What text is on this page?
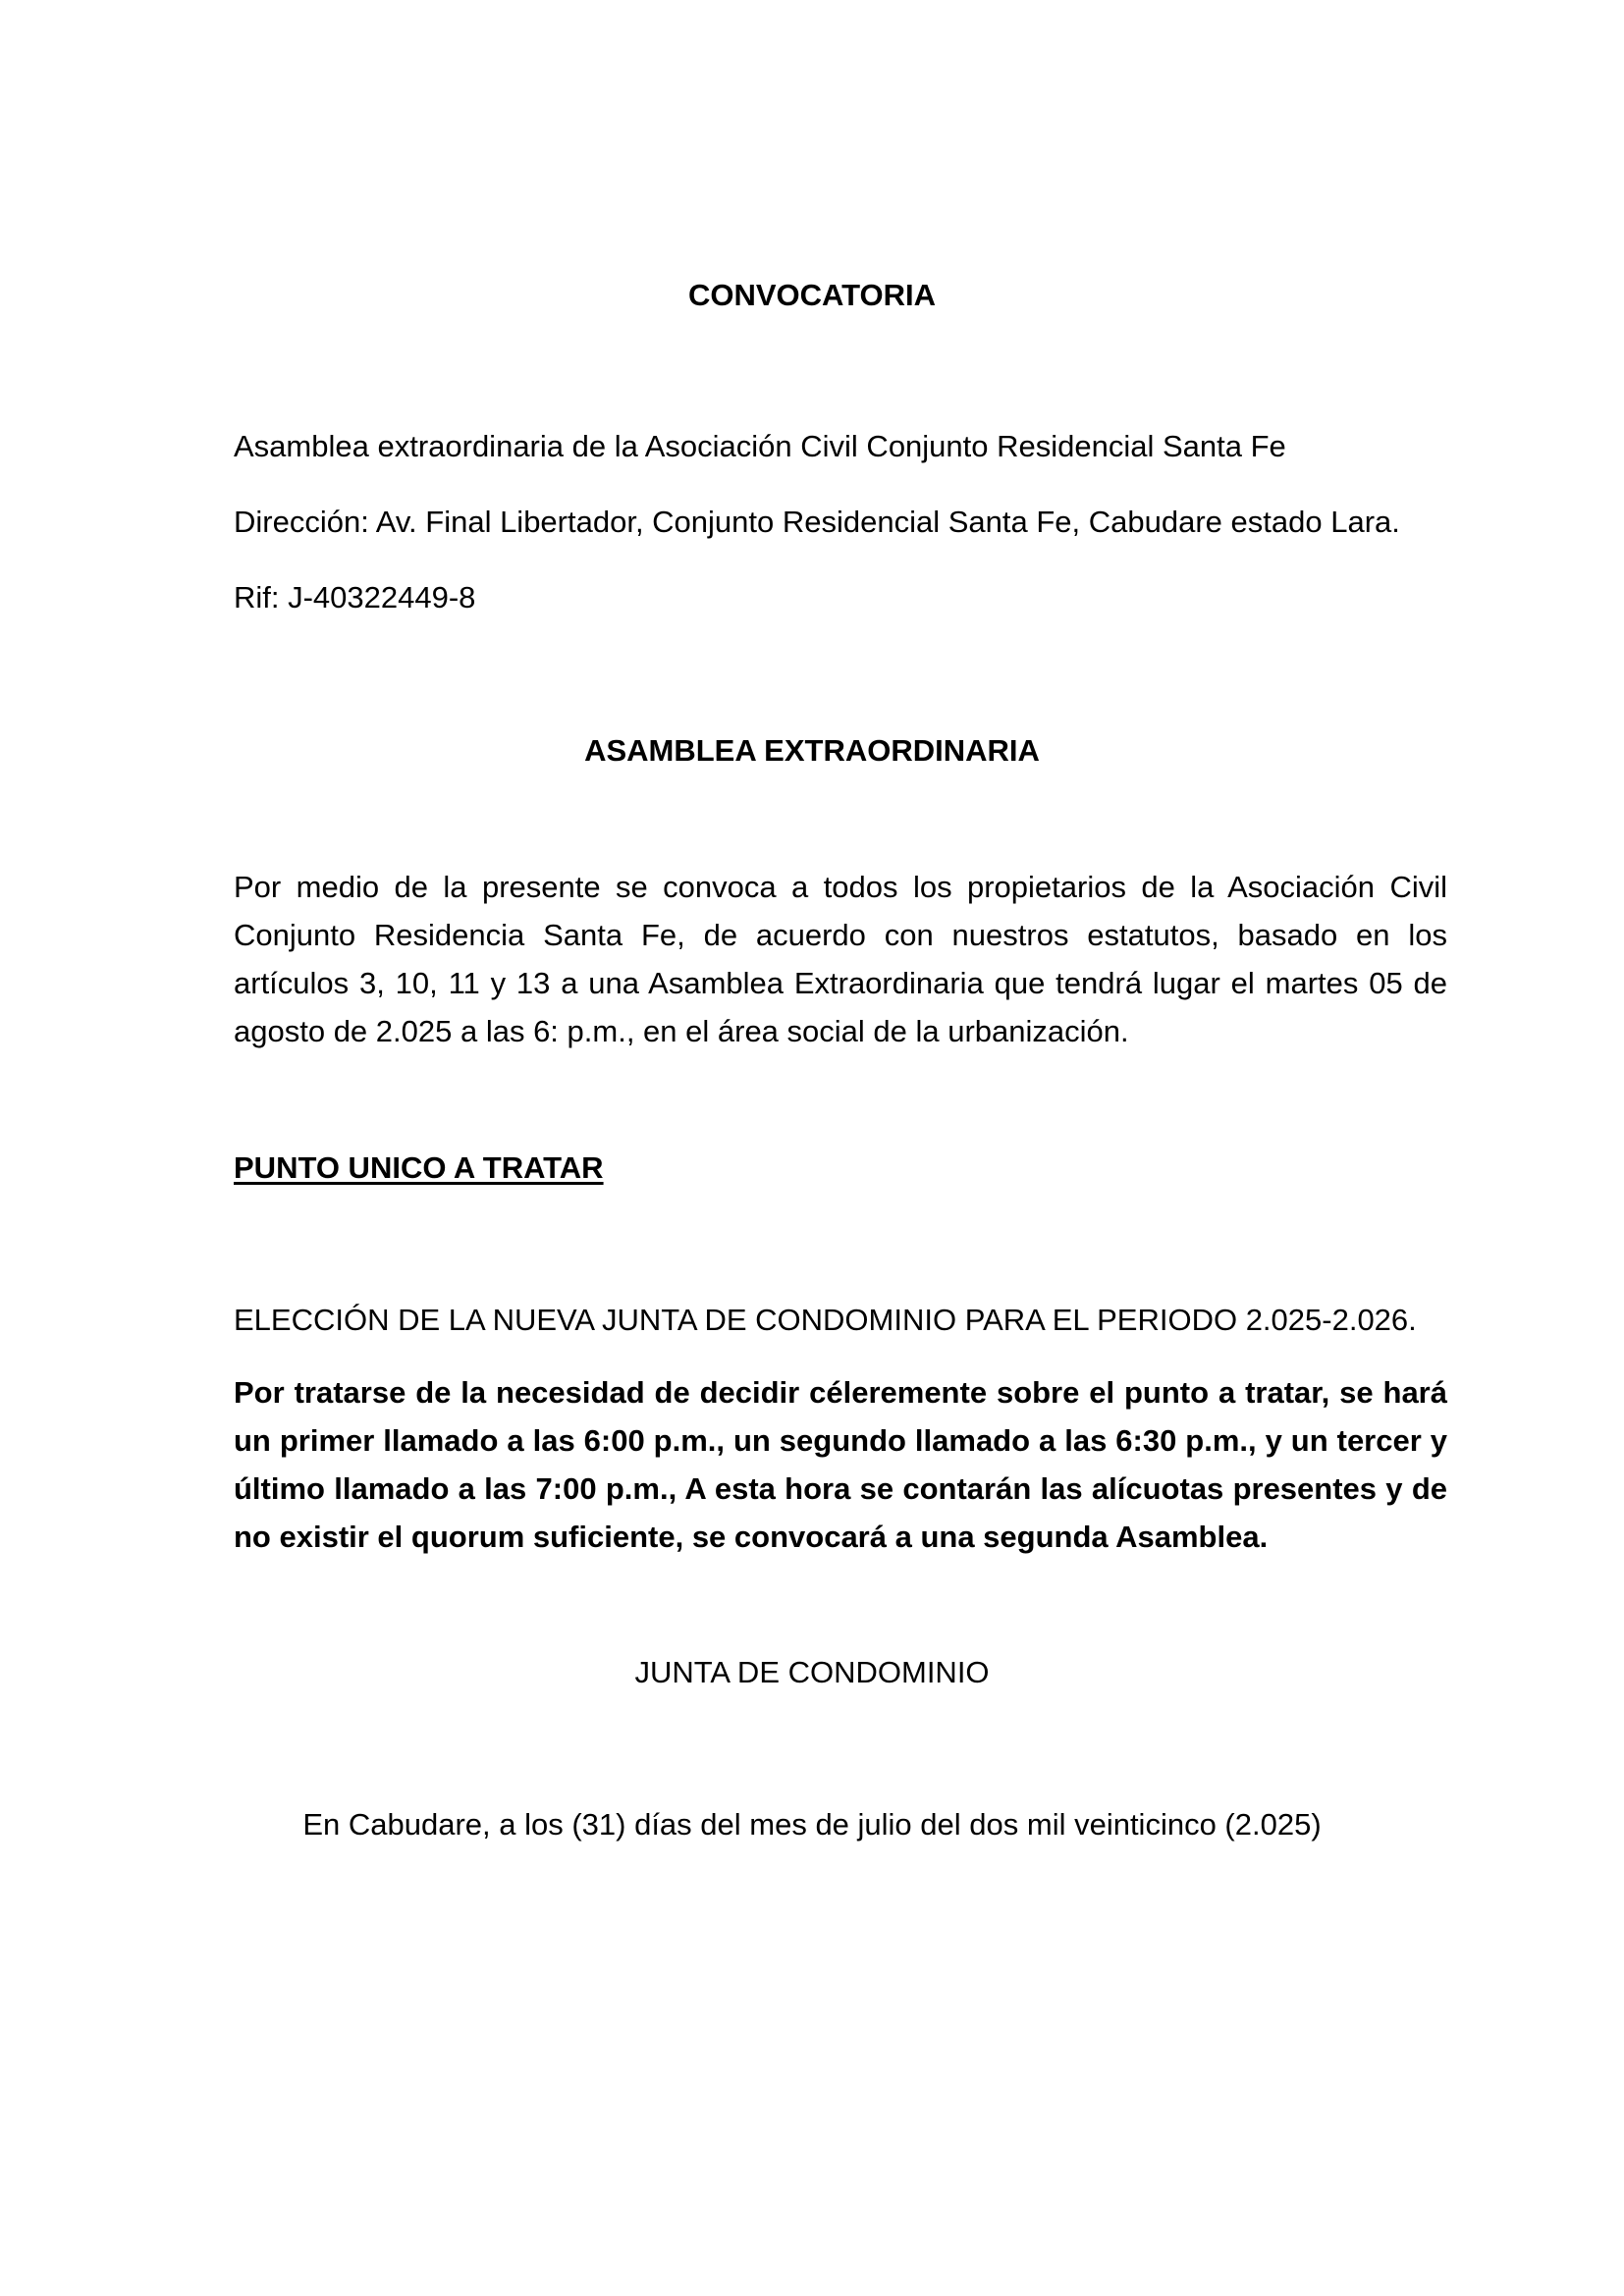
CONVOCATORIA

Asamblea extraordinaria de la Asociación Civil Conjunto Residencial Santa Fe

Dirección: Av. Final Libertador, Conjunto Residencial Santa Fe, Cabudare estado Lara.

Rif: J-40322449-8

ASAMBLEA EXTRAORDINARIA

Por medio de la presente se convoca a todos los propietarios de la Asociación Civil Conjunto Residencia Santa Fe, de acuerdo con nuestros estatutos, basado en los artículos 3, 10, 11 y 13 a una Asamblea Extraordinaria que tendrá lugar el martes 05 de agosto de 2.025 a las 6: p.m., en el área social de la urbanización.

PUNTO UNICO A TRATAR

ELECCIÓN DE LA NUEVA JUNTA DE CONDOMINIO PARA EL PERIODO 2.025-2.026.

Por tratarse de la necesidad de decidir céleremente sobre el punto a tratar, se hará un primer llamado a las 6:00 p.m., un segundo llamado a las 6:30 p.m., y un tercer y último llamado a las 7:00 p.m., A esta hora se contarán las alícuotas presentes y de no existir el quorum suficiente, se convocará a una segunda Asamblea.

JUNTA DE CONDOMINIO

En Cabudare, a los (31) días del mes de julio del dos mil veinticinco (2.025)
